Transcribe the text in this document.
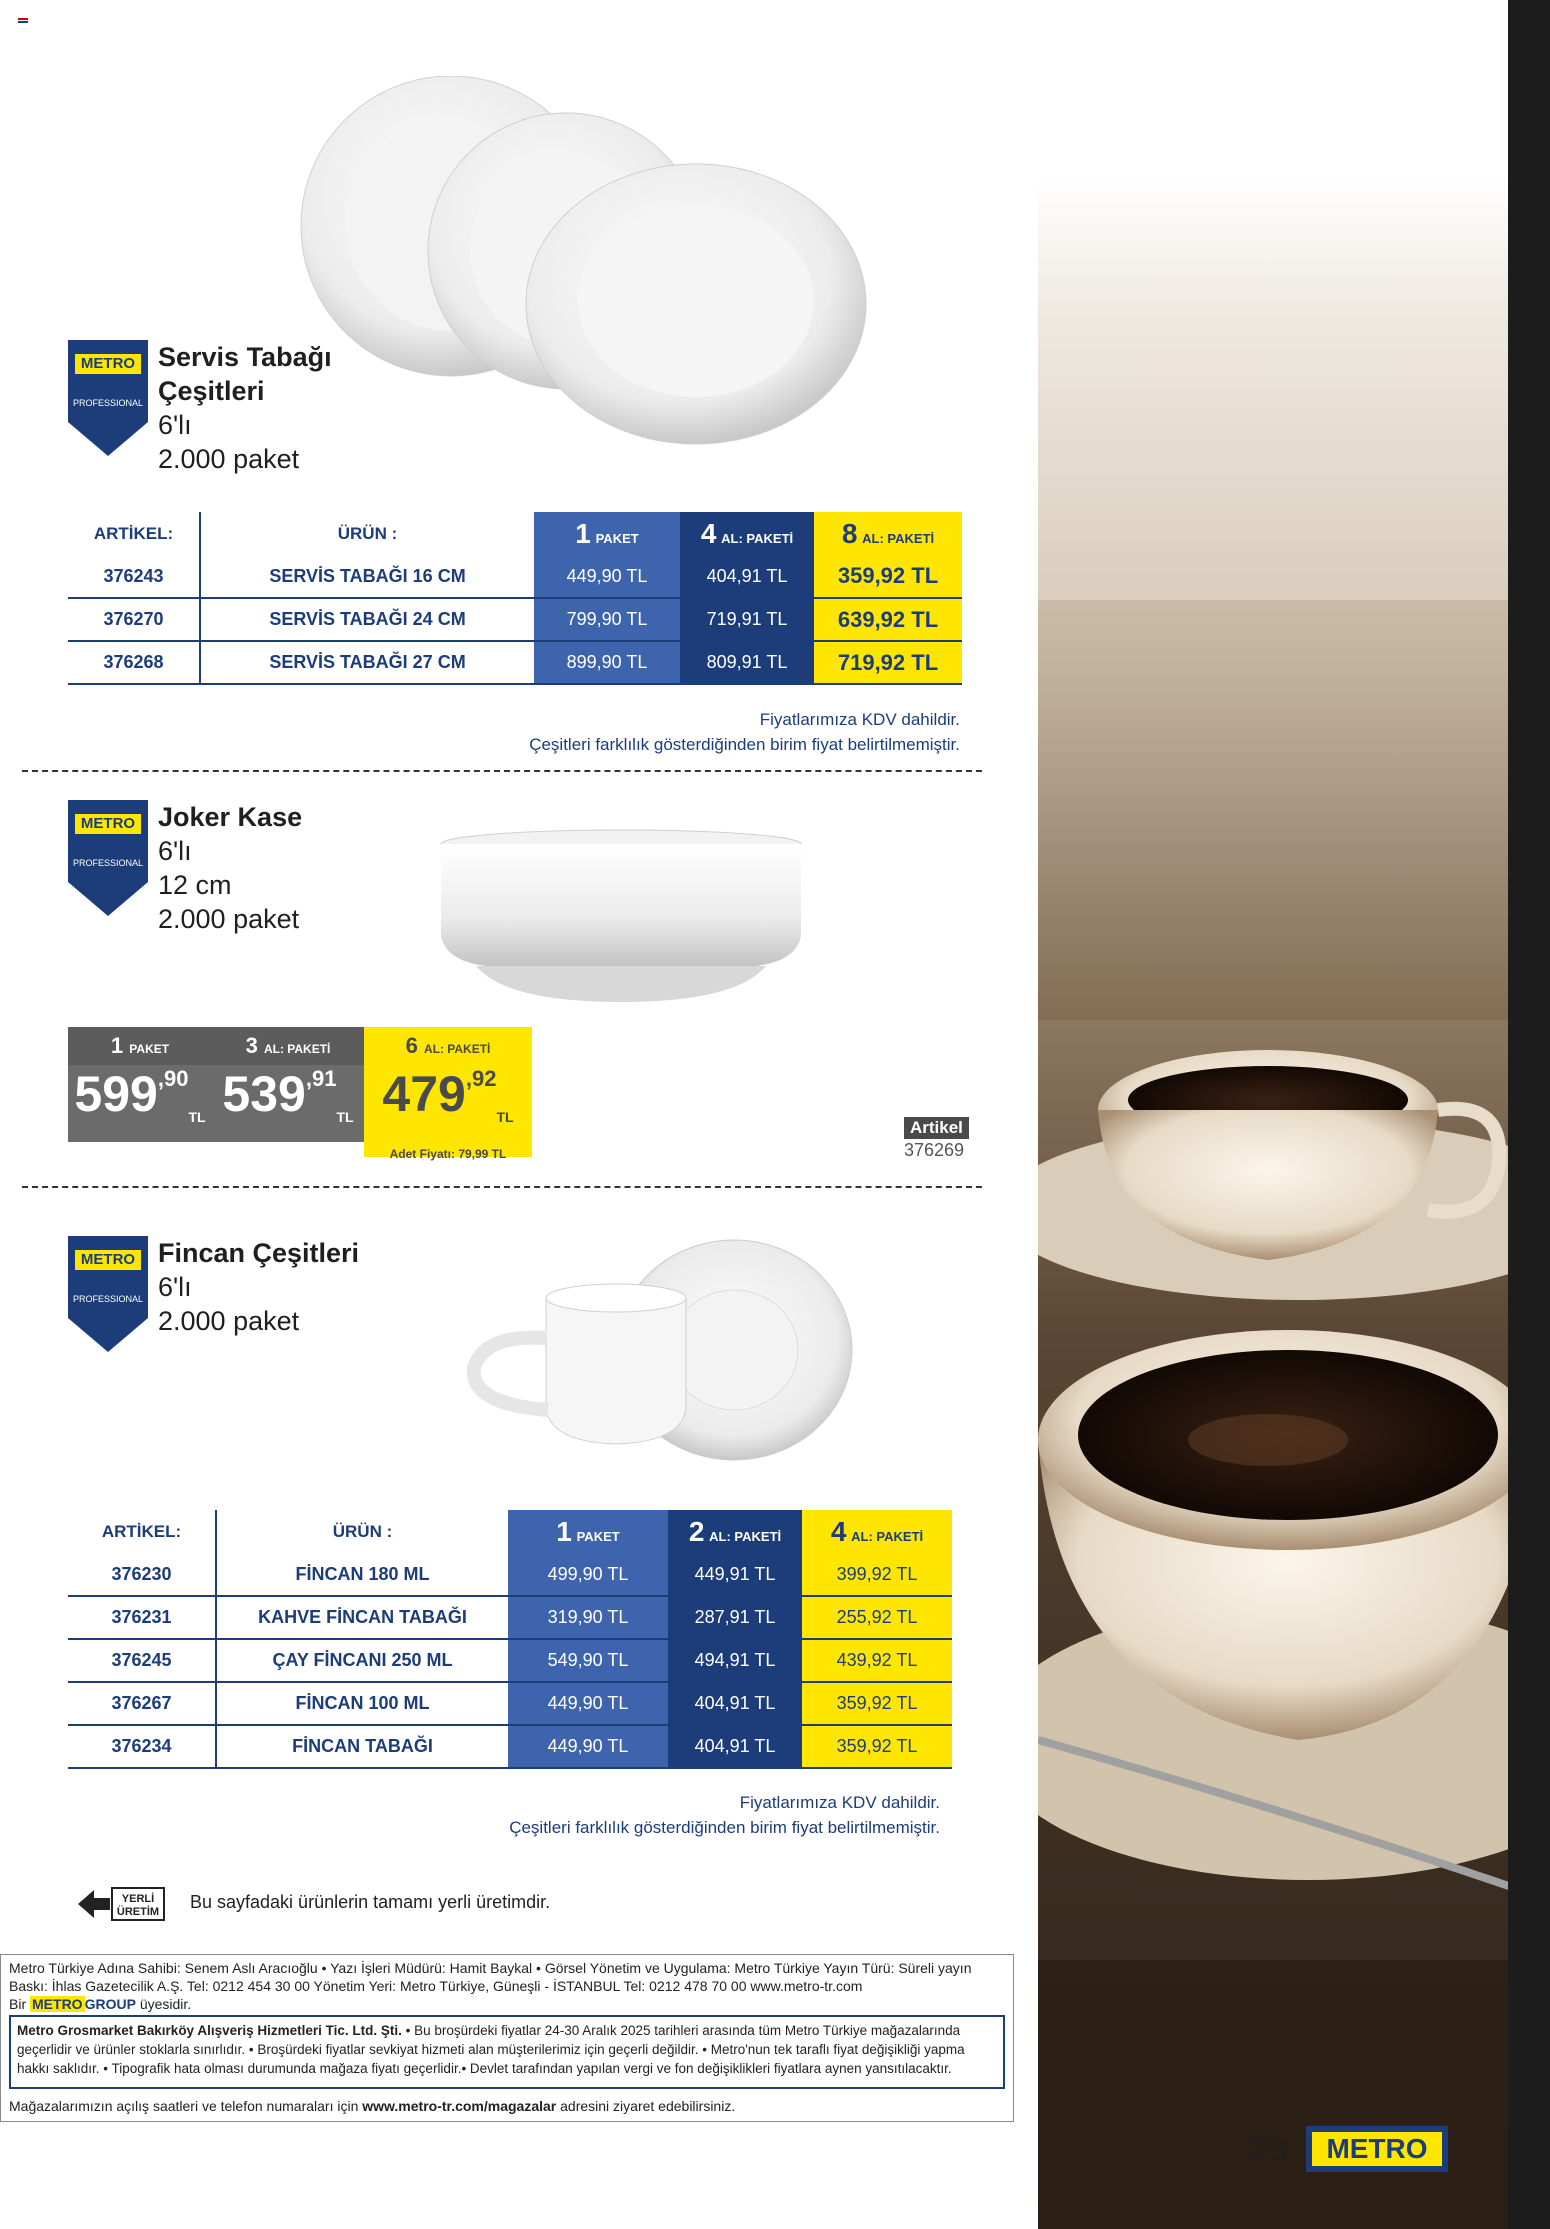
METRO
PROFESSIONAL
Servis Tabağı
Çeşitleri
6'lı
2.000 paket
ARTİKEL:	ÜRÜN :	1 PAKET	4 AL: PAKETİ	8 AL: PAKETİ
376243	SERVİS TABAĞI 16 CM	449,90 TL	404,91 TL	359,92 TL
376270	SERVİS TABAĞI 24 CM	799,90 TL	719,91 TL	639,92 TL
376268	SERVİS TABAĞI 27 CM	899,90 TL	809,91 TL	719,92 TL
Fiyatlarımıza KDV dahildir.
Çeşitleri farklılık gösterdiğinden birim fiyat belirtilmemiştir.
METRO
PROFESSIONAL
Joker Kase
6'lı
12 cm
2.000 paket
1 PAKET
$599^{,90}_{TL}$
Adet Fiyatı: 99,98 TL
3 AL: PAKETİ
$539^{,91}_{TL}$
Adet Fiyatı: 89,98 TL
6 AL: PAKETİ
$479^{,92}_{TL}$
Adet Fiyatı: 79,99 TL
Artikel
376269
METRO
PROFESSIONAL
Fincan Çeşitleri
6'lı
2.000 paket
ARTİKEL:	ÜRÜN :	1 PAKET	2 AL: PAKETİ	4 AL: PAKETİ
376230	FİNCAN 180 ML	499,90 TL	449,91 TL	399,92 TL
376231	KAHVE FİNCAN TABAĞI	319,90 TL	287,91 TL	255,92 TL
376245	ÇAY FİNCANI 250 ML	549,90 TL	494,91 TL	439,92 TL
376267	FİNCAN 100 ML	449,90 TL	404,91 TL	359,92 TL
376234	FİNCAN TABAĞI	449,90 TL	404,91 TL	359,92 TL
Fiyatlarımıza KDV dahildir.
Çeşitleri farklılık gösterdiğinden birim fiyat belirtilmemiştir.
YERLİ
ÜRETİM Bu sayfadaki ürünlerin tamamı yerli üretimdir.
Metro Türkiye Adına Sahibi: Senem Aslı Aracıoğlu • Yazı İşleri Müdürü: Hamit Baykal • Görsel Yönetim ve Uygulama: Metro Türkiye Yayın Türü: Süreli yayın
Baskı: İhlas Gazetecilik A.Ş. Tel: 0212 454 30 00 Yönetim Yeri: Metro Türkiye, Güneşli - İSTANBUL Tel: 0212 478 70 00 www.metro-tr.com
Bir METRO GROUP üyesidir.
Metro Grosmarket Bakırköy Alışveriş Hizmetleri Tic. Ltd. Şti. • Bu broşürdeki fiyatlar 24-30 Aralık 2025 tarihleri arasında tüm Metro Türkiye mağazalarında geçerlidir ve ürünler stoklarla sınırlıdır. • Broşürdeki fiyatlar sevkiyat hizmeti alan müşterilerimiz için geçerli değildir. • Metro'nun tek taraflı fiyat değişikliği yapma hakkı saklıdır. • Tipografik hata olması durumunda mağaza fiyatı geçerlidir.• Devlet tarafından yapılan vergi ve fon değişiklikleri fiyatlara aynen yansıtılacaktır.
Mağazalarımızın açılış saatleri ve telefon numaraları için www.metro-tr.com/magazalar adresini ziyaret edebilirsiniz.
23	METRO
